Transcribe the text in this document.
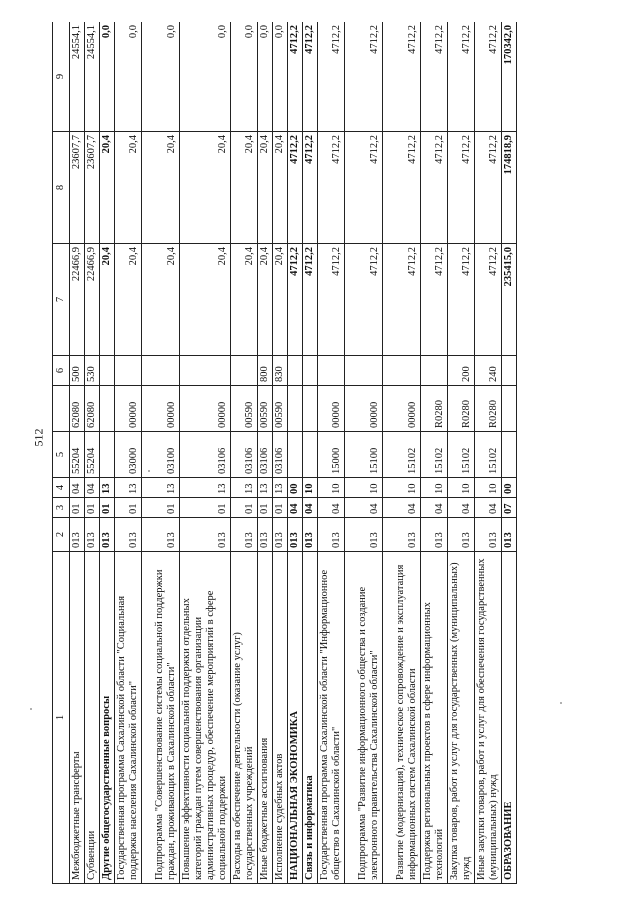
512
1	2	3	4	5		6	7	8	9
Межбюджетные трансферты	013	01	04	55204	62080	500	22466,9	23607,7	24554,1
Субвенции	013	01	04	55204	62080	530	22466,9	23607,7	24554,1
Другие общегосударственные вопросы	013	01	13				20,4	20,4	0,0
Государственная программа Сахалинской области "Социальная поддержка населения Сахалинской области"	013	01	13	03000	00000		20,4	20,4	0,0
Подпрограмма "Совершенствование системы социальной поддержки граждан, проживающих в Сахалинской области"	013	01	13	03100	00000		20,4	20,4	0,0
Повышение эффективности социальной поддержки отдельных категорий граждан путем совершенствования организации административных процедур, обеспечение мероприятий в сфере социальной поддержки	013	01	13	03106	00000		20,4	20,4	0,0
Расходы на обеспечение деятельности (оказание услуг) государственных учреждений	013	01	13	03106	00590		20,4	20,4	0,0
Иные бюджетные ассигнования	013	01	13	03106	00590	800	20,4	20,4	0,0
Исполнение судебных актов	013	01	13	03106	00590	830	20,4	20,4	0,0
НАЦИОНАЛЬНАЯ ЭКОНОМИКА	013	04	00				4712,2	4712,2	4712,2
Связь и информатика	013	04	10				4712,2	4712,2	4712,2
Государственная программа Сахалинской области "Информационное общество в Сахалинской области"	013	04	10	15000	00000		4712,2	4712,2	4712,2
Подпрограмма "Развитие информационного общества и создание электронного правительства Сахалинской области"	013	04	10	15100	00000		4712,2	4712,2	4712,2
Развитие (модернизация), техническое сопровождение и эксплуатация информационных систем Сахалинской области	013	04	10	15102	00000		4712,2	4712,2	4712,2
Поддержка региональных проектов в сфере информационных технологий	013	04	10	15102	R0280		4712,2	4712,2	4712,2
Закупка товаров, работ и услуг для государственных (муниципальных) нужд	013	04	10	15102	R0280	200	4712,2	4712,2	4712,2
Иные закупки товаров, работ и услуг для обеспечения государственных (муниципальных) нужд	013	04	10	15102	R0280	240	4712,2	4712,2	4712,2
ОБРАЗОВАНИЕ	013	07	00				235415,0	174818,9	170342,0
